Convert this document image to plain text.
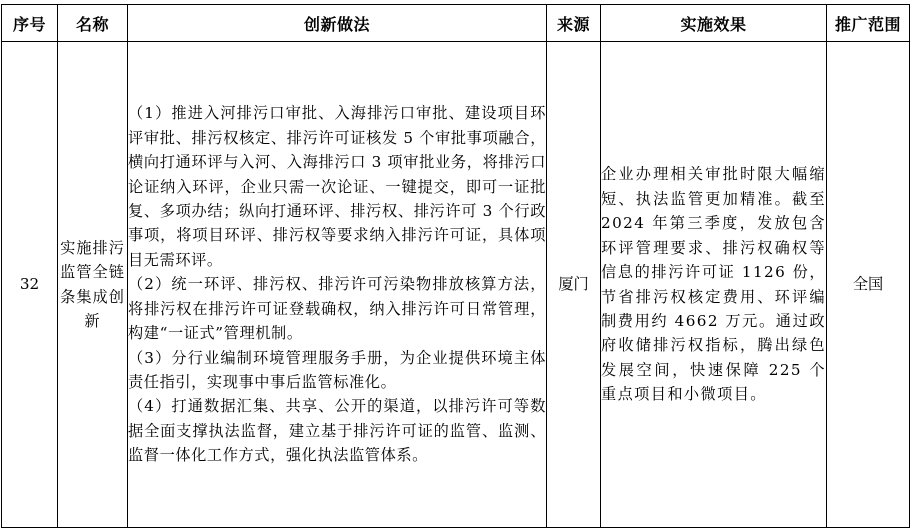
序号	名称	创新做法	来源	实施效果	推广范围
32	实施排污监管全链条集成创新	（1）推进入河排污口审批、入海排污口审批、建设项目环评审批、排污权核定、排污许可证核发 5 个审批事项融合，横向打通环评与入河、入海排污口 3 项审批业务，将排污口论证纳入环评，企业只需一次论证、一键提交，即可一证批复、多项办结；纵向打通环评、排污权、排污许可 3 个行政事项，将项目环评、排污权等要求纳入排污许可证，具体项目无需环评。

（2）统一环评、排污权、排污许可污染物排放核算方法，将排污权在排污许可证登载确权，纳入排污许可日常管理，构建“一证式”管理机制。

（3）分行业编制环境管理服务手册，为企业提供环境主体责任指引，实现事中事后监管标准化。

（4）打通数据汇集、共享、公开的渠道，以排污许可等数据全面支撑执法监督，建立基于排污许可证的监管、监测、监督一体化工作方式，强化执法监管体系。	厦门	企业办理相关审批时限大幅缩短、执法监管更加精准。截至 2024 年第三季度，发放包含环评管理要求、排污权确权等信息的排污许可证 1126 份，节省排污权核定费用、环评编制费用约 4662 万元。通过政府收储排污权指标，腾出绿色发展空间，快速保障 225 个重点项目和小微项目。	全国
